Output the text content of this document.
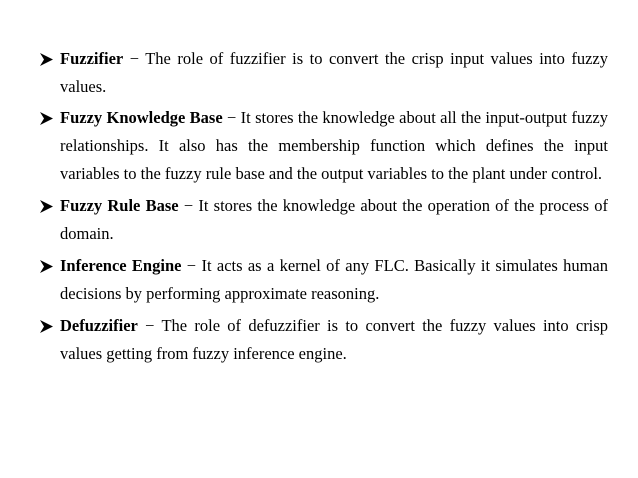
Fuzzifier − The role of fuzzifier is to convert the crisp input values into fuzzy values.
Fuzzy Knowledge Base − It stores the knowledge about all the input-output fuzzy relationships. It also has the membership function which defines the input variables to the fuzzy rule base and the output variables to the plant under control.
Fuzzy Rule Base − It stores the knowledge about the operation of the process of domain.
Inference Engine − It acts as a kernel of any FLC. Basically it simulates human decisions by performing approximate reasoning.
Defuzzifier − The role of defuzzifier is to convert the fuzzy values into crisp values getting from fuzzy inference engine.
